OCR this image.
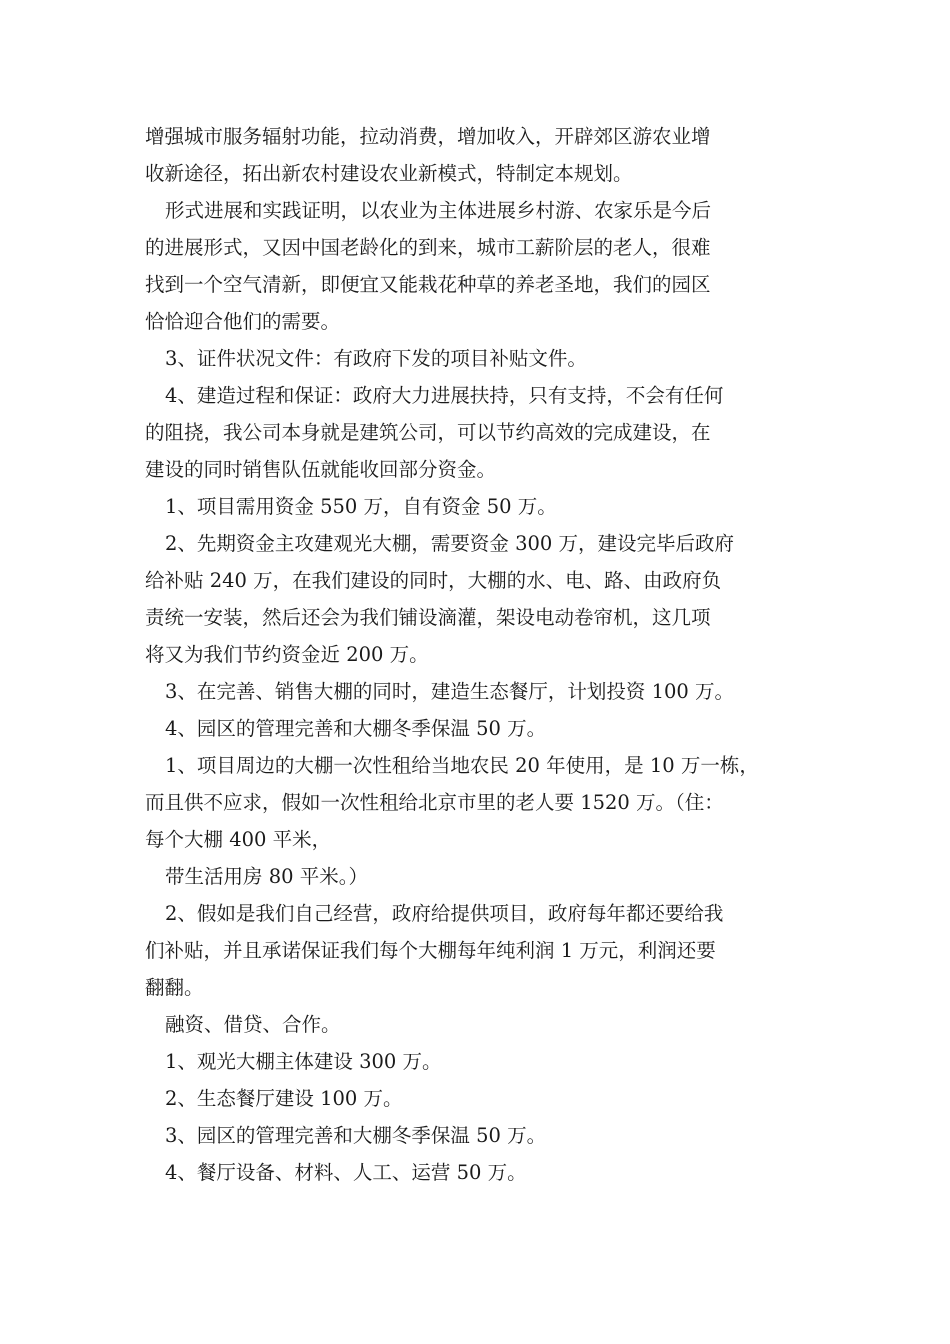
增强城市服务辐射功能，拉动消费，增加收入，开辟郊区游农业增

收新途径，拓出新农村建设农业新模式，特制定本规划。

形式进展和实践证明，以农业为主体进展乡村游、农家乐是今后

的进展形式，又因中国老龄化的到来，城市工薪阶层的老人，很难

找到一个空气清新，即便宜又能栽花种草的养老圣地，我们的园区

恰恰迎合他们的需要。

3、证件状况文件：有政府下发的项目补贴文件。

4、建造过程和保证：政府大力进展扶持，只有支持，不会有任何

的阻挠，我公司本身就是建筑公司，可以节约高效的完成建设，在

建设的同时销售队伍就能收回部分资金。

1、项目需用资金 550 万，自有资金 50 万。

2、先期资金主攻建观光大棚，需要资金 300 万，建设完毕后政府

给补贴 240 万，在我们建设的同时，大棚的水、电、路、由政府负

责统一安装，然后还会为我们铺设滴灌，架设电动卷帘机，这几项

将又为我们节约资金近 200 万。

3、在完善、销售大棚的同时，建造生态餐厅，计划投资 100 万。

4、园区的管理完善和大棚冬季保温 50 万。

1、项目周边的大棚一次性租给当地农民 20 年使用，是 10 万一栋，

而且供不应求，假如一次性租给北京市里的老人要 1520 万。（住：

每个大棚 400 平米，

带生活用房 80 平米。）

2、假如是我们自己经营，政府给提供项目，政府每年都还要给我

们补贴，并且承诺保证我们每个大棚每年纯利润 1 万元，利润还要

翻翻。

融资、借贷、合作。

1、观光大棚主体建设 300 万。

2、生态餐厅建设 100 万。

3、园区的管理完善和大棚冬季保温 50 万。

4、餐厅设备、材料、人工、运营 50 万。
